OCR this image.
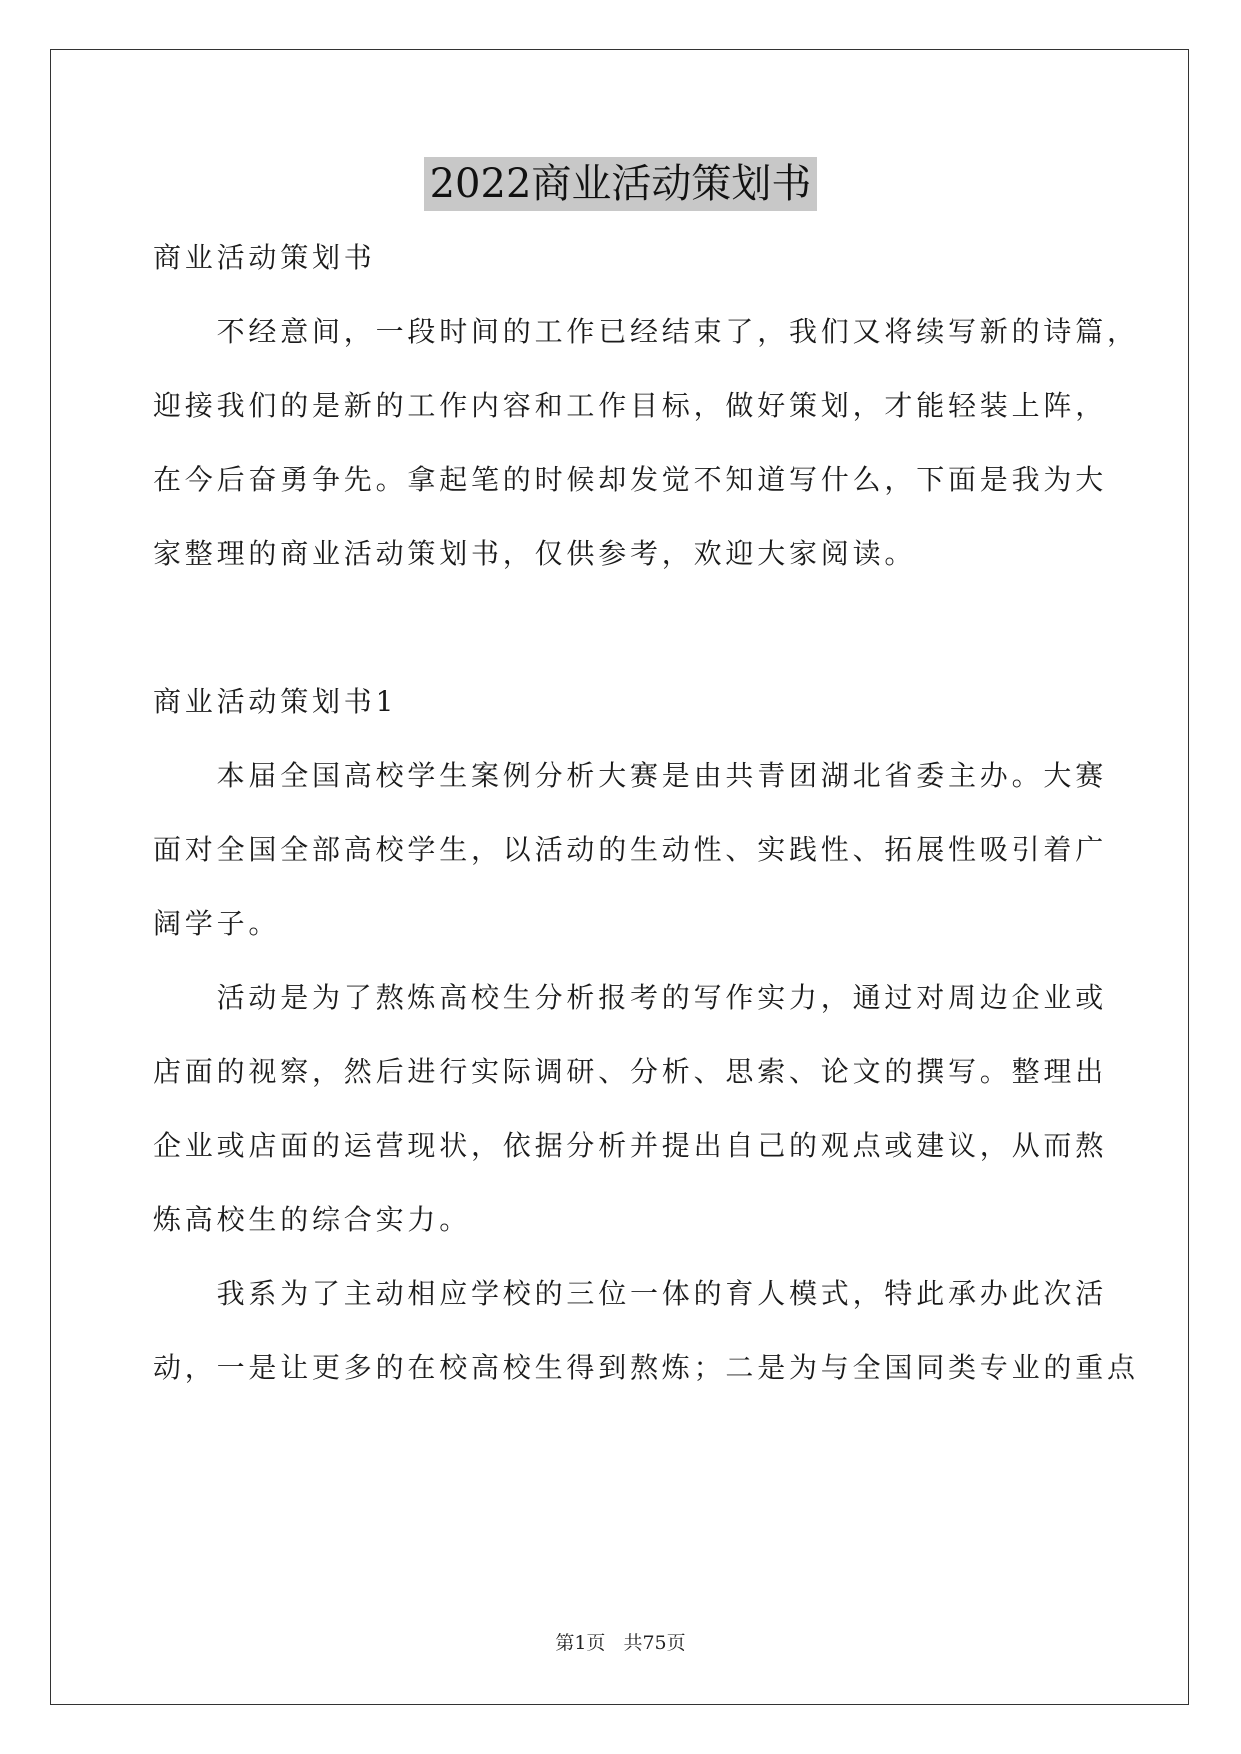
2022商业活动策划书
商业活动策划书
　　不经意间，一段时间的工作已经结束了，我们又将续写新的诗篇，
迎接我们的是新的工作内容和工作目标，做好策划，才能轻装上阵，
在今后奋勇争先。拿起笔的时候却发觉不知道写什么，下面是我为大
家整理的商业活动策划书，仅供参考，欢迎大家阅读。
商业活动策划书1
　　本届全国高校学生案例分析大赛是由共青团湖北省委主办。大赛
面对全国全部高校学生，以活动的生动性、实践性、拓展性吸引着广
阔学子。
　　活动是为了熬炼高校生分析报考的写作实力，通过对周边企业或
店面的视察，然后进行实际调研、分析、思索、论文的撰写。整理出
企业或店面的运营现状，依据分析并提出自己的观点或建议，从而熬
炼高校生的综合实力。
　　我系为了主动相应学校的三位一体的育人模式，特此承办此次活
动，一是让更多的在校高校生得到熬炼；二是为与全国同类专业的重点
第1页 共75页
